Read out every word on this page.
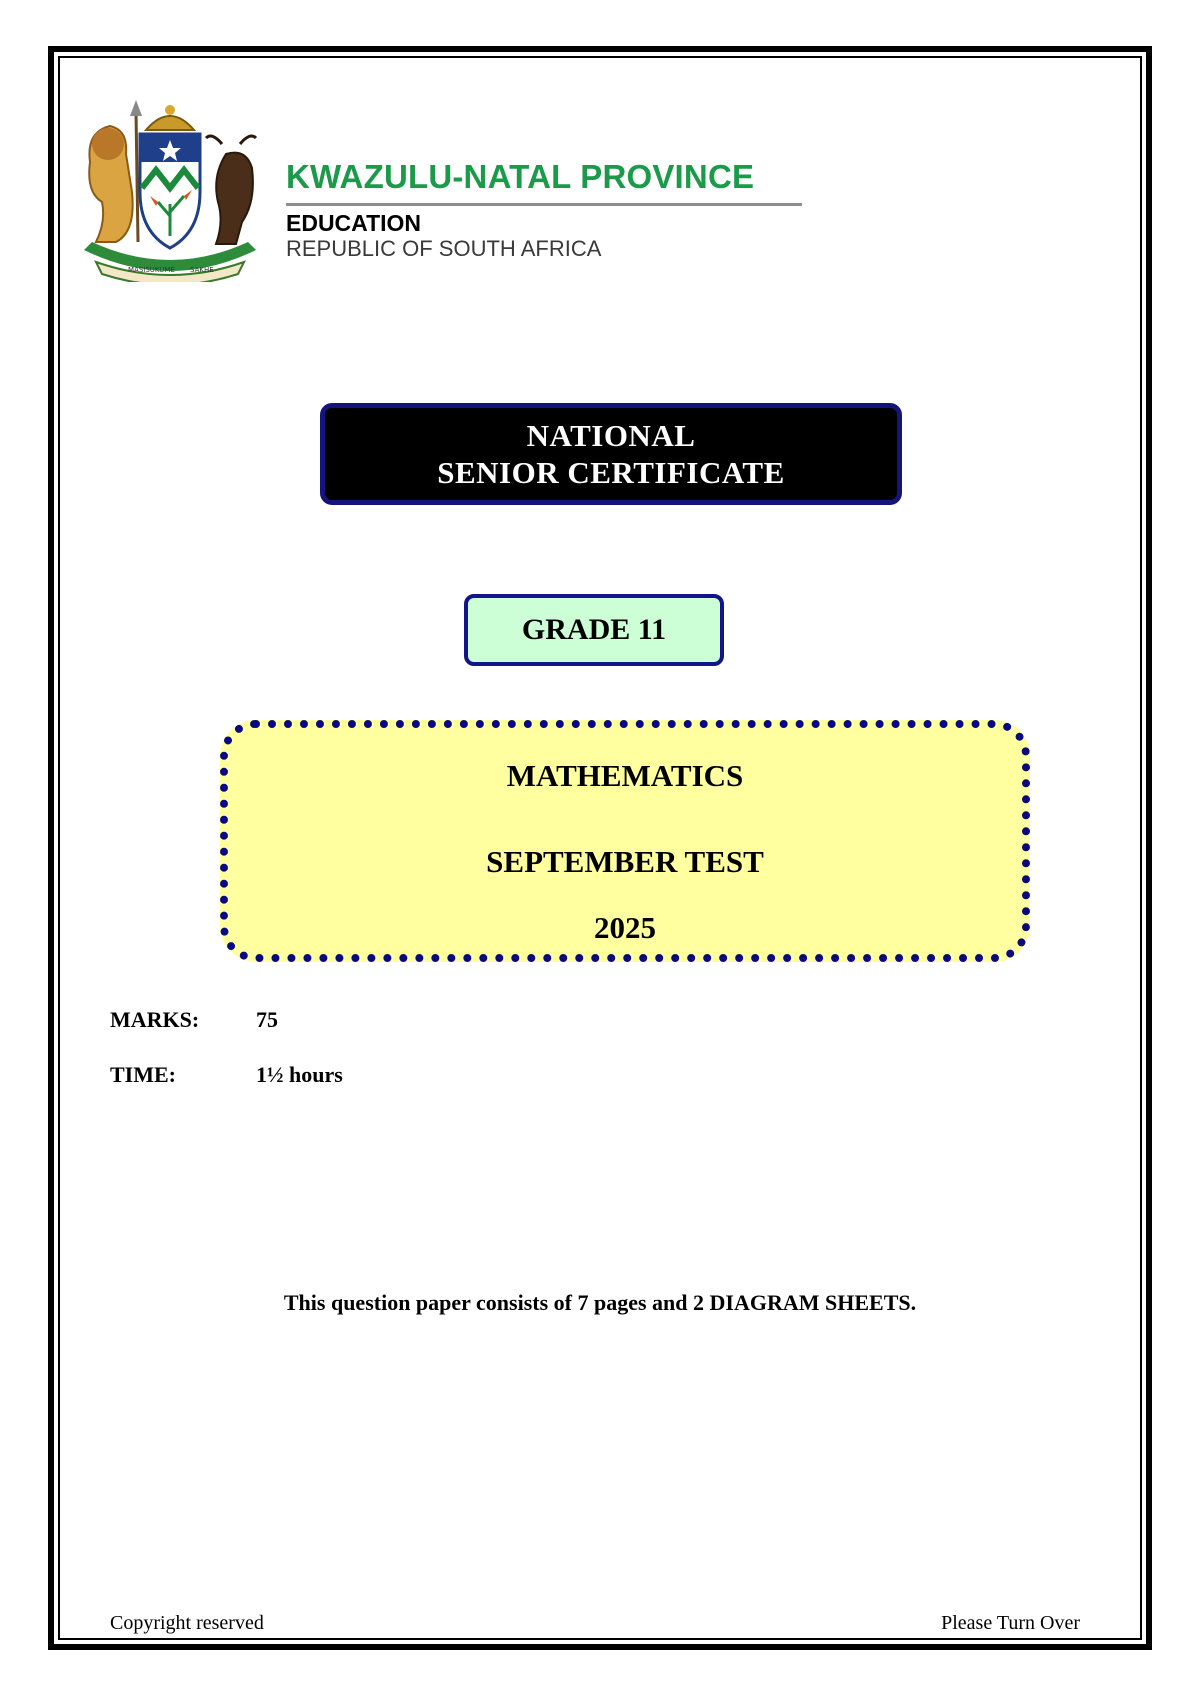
MASISUKUME SAKHE
KWAZULU-NATAL PROVINCE
EDUCATION
REPUBLIC OF SOUTH AFRICA
NATIONAL
SENIOR CERTIFICATE
GRADE 11
MATHEMATICS
SEPTEMBER TEST
2025
MARKS:	75
TIME:	1½ hours
This question paper consists of 7 pages and 2 DIAGRAM SHEETS.
Copyright reserved	Please Turn Over
